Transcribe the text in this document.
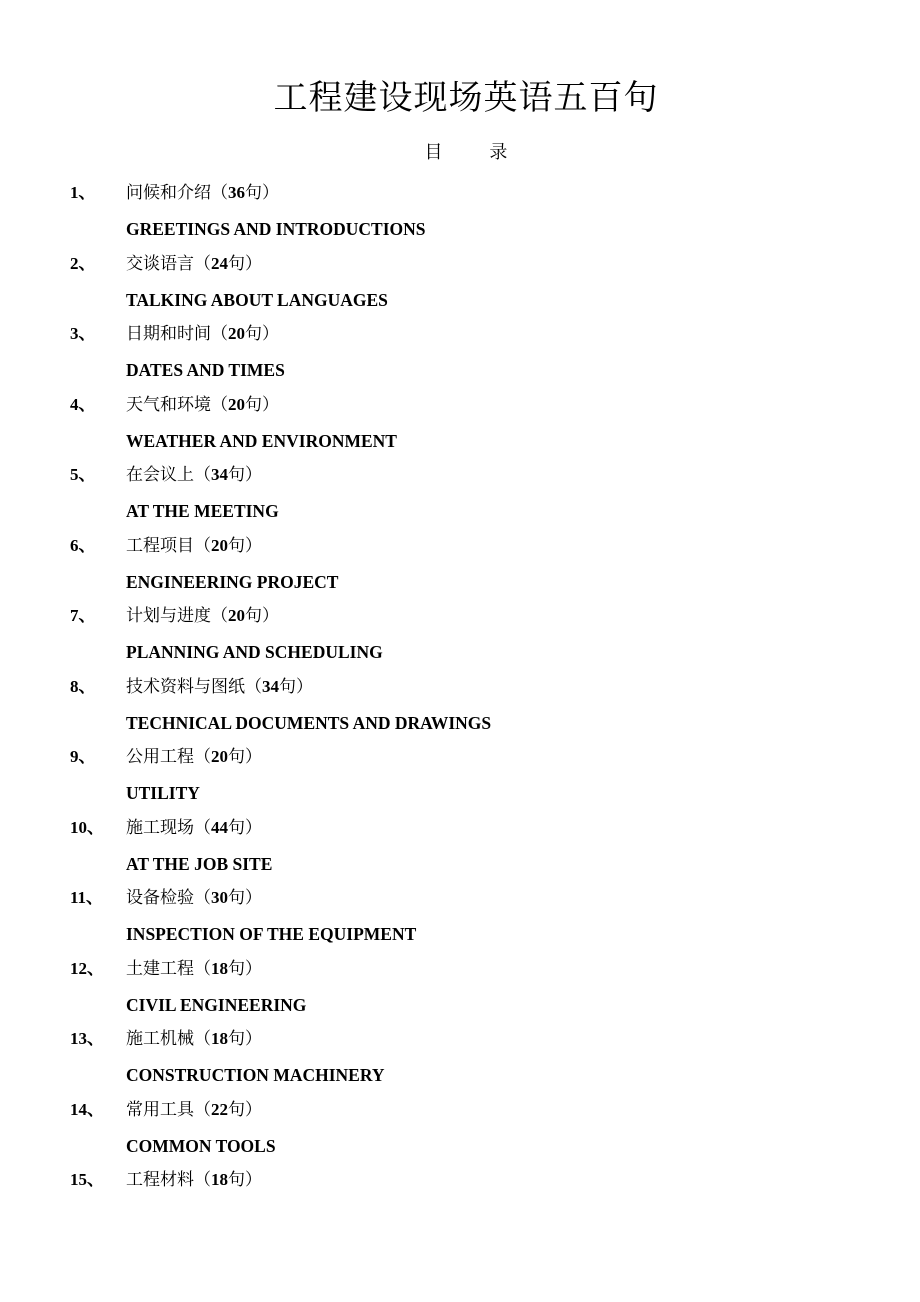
工程建设现场英语五百句
目    录
1、	问候和介绍（36句）
GREETINGS AND INTRODUCTIONS
2、	交谈语言（24句）
TALKING ABOUT LANGUAGES
3、	日期和时间（20句）
DATES AND TIMES
4、	天气和环境（20句）
WEATHER AND ENVIRONMENT
5、	在会议上（34句）
AT THE MEETING
6、	工程项目（20句）
ENGINEERING PROJECT
7、	计划与进度（20句）
PLANNING AND SCHEDULING
8、	技术资料与图纸（34句）
TECHNICAL DOCUMENTS AND DRAWINGS
9、	公用工程（20句）
UTILITY
10、	施工现场（44句）
AT THE JOB SITE
11、	设备检验（30句）
INSPECTION OF THE EQUIPMENT
12、	土建工程（18句）
CIVIL ENGINEERING
13、	施工机械（18句）
CONSTRUCTION MACHINERY
14、	常用工具（22句）
COMMON TOOLS
15、	工程材料（18句）
